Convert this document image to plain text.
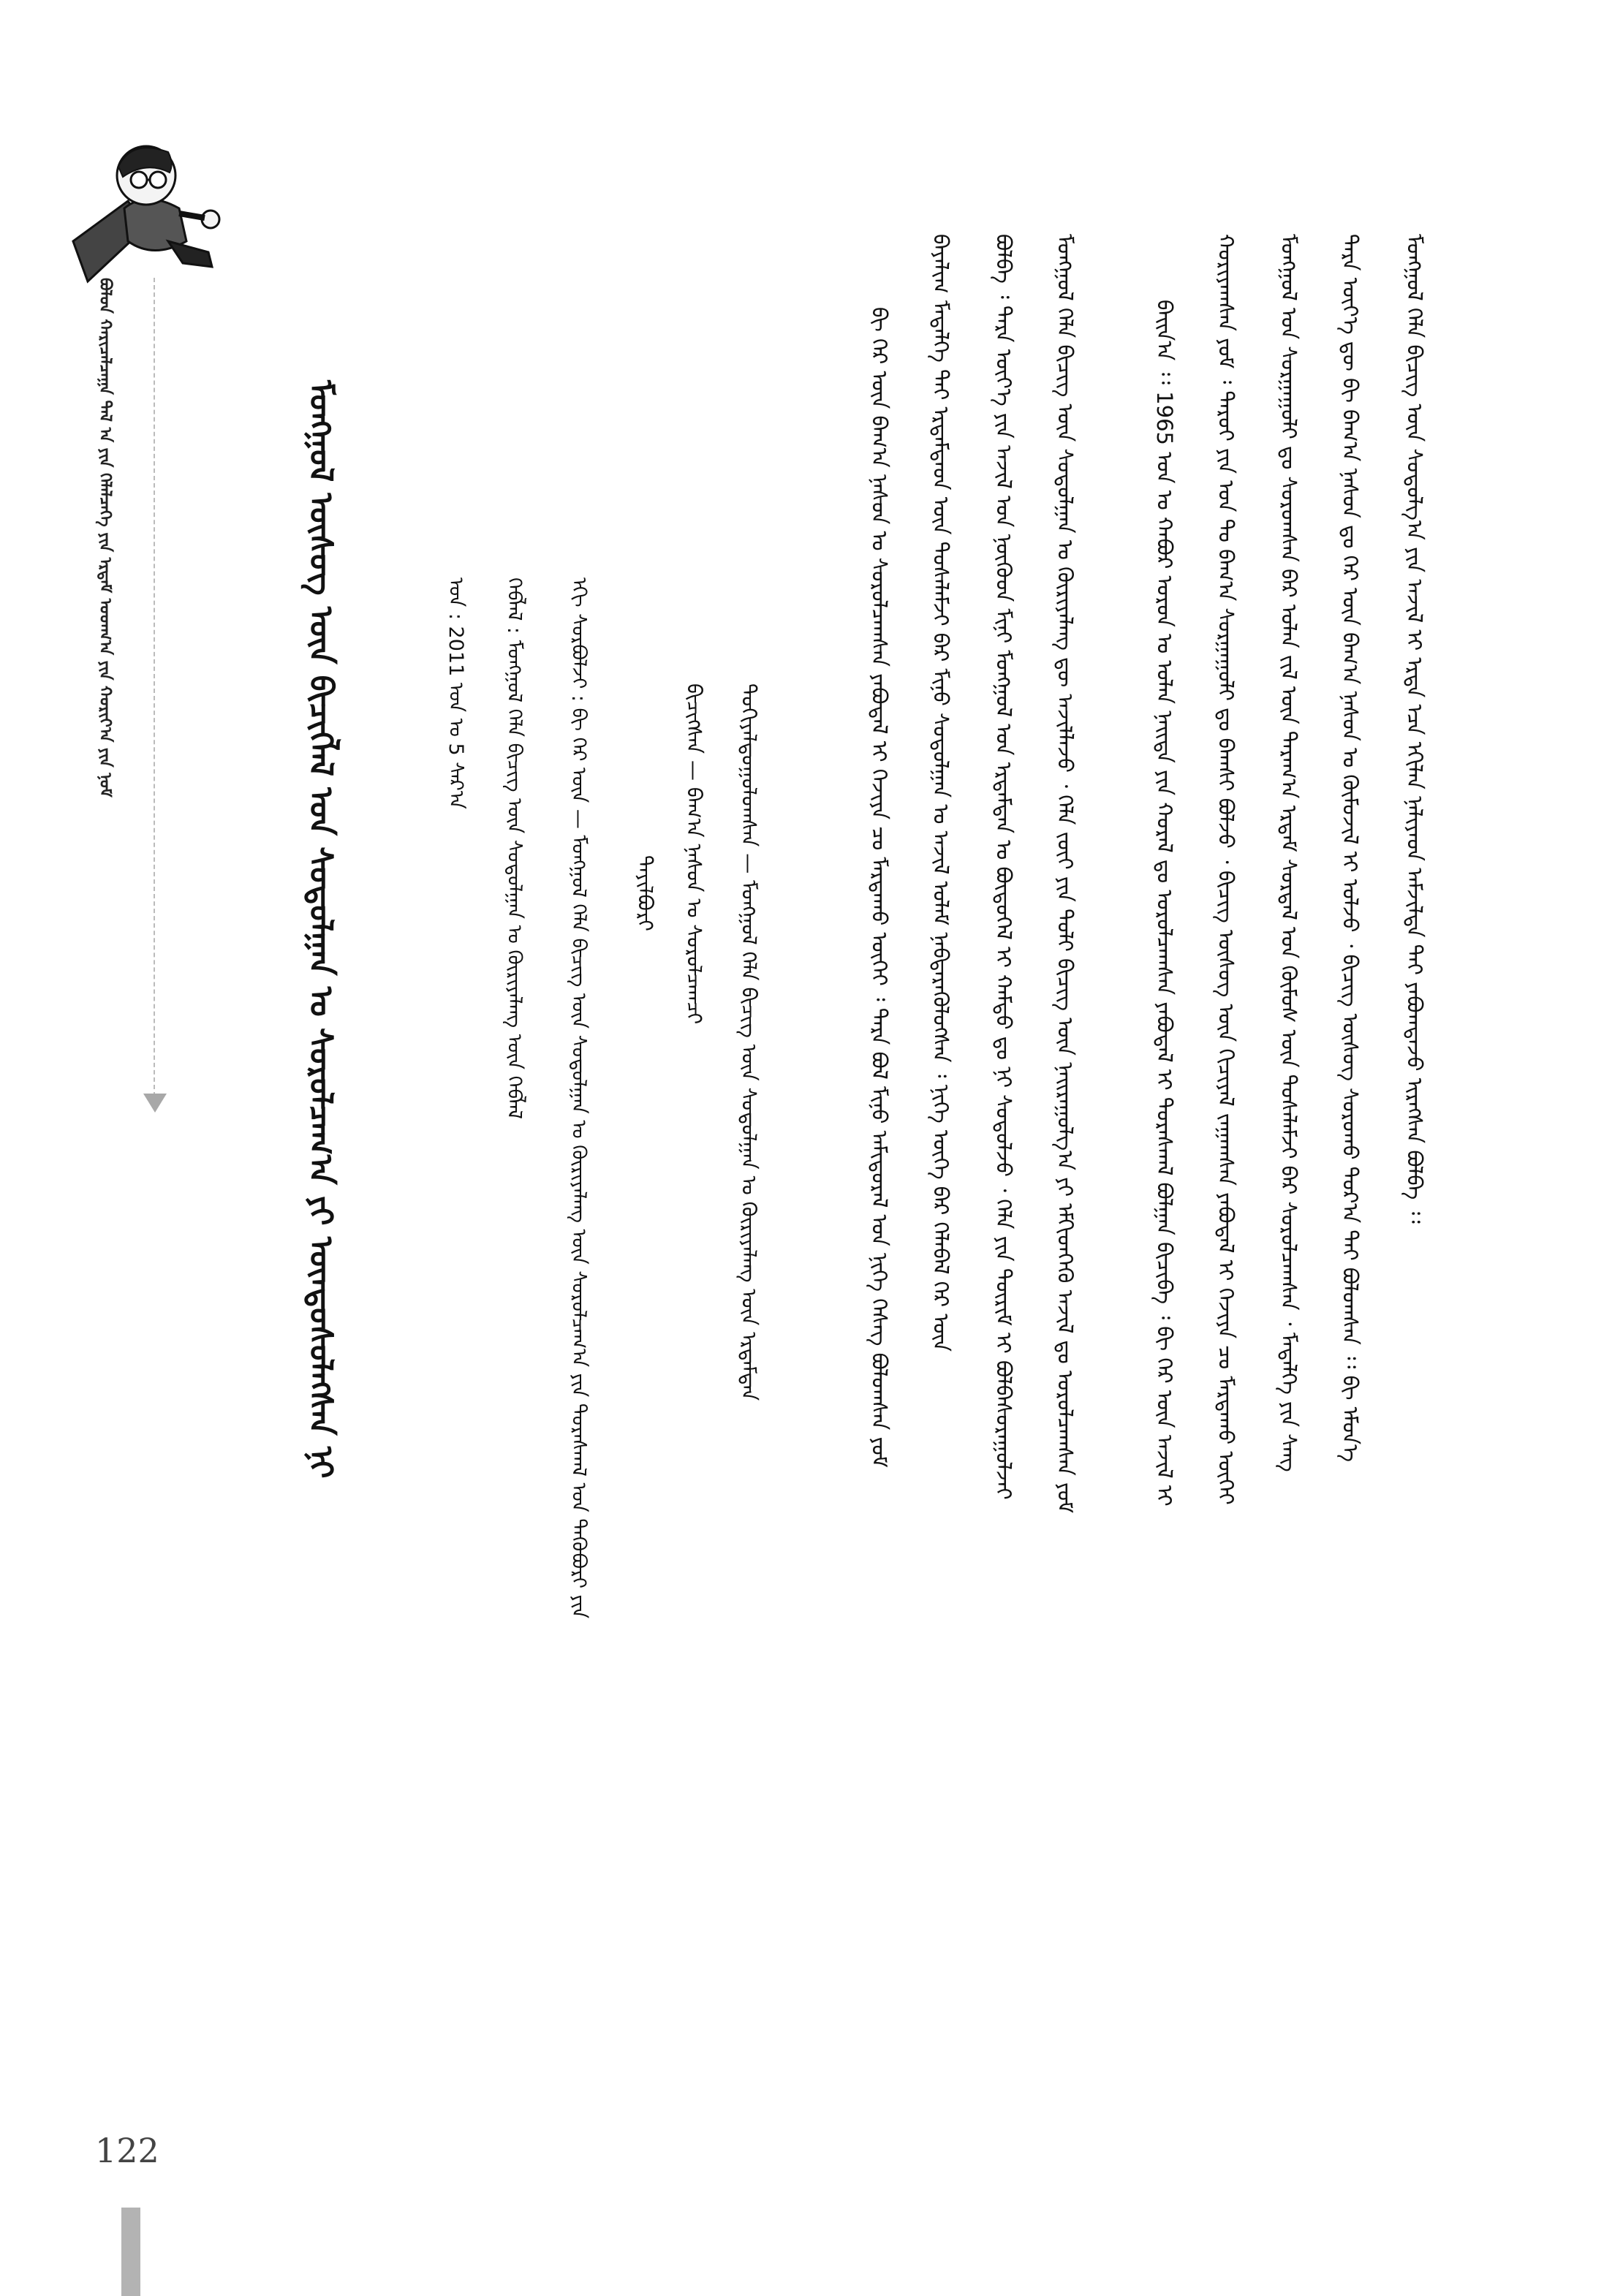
ᠪᠣᠯᠤᠨ ᠬᠠᠷᠢᠴᠠᠯᠴᠠᠭᠠ ᠲᠠᠯ ᠠ ᠶᠢᠨ ᠬᠡᠯᠡᠯᠴᠡᠭᠡ ᠶᠢᠨ ᠡᠷᠳᠡᠮ ᠤᠳᠬ᠎ᠠ ᠶᠢᠨ ᠬᠣᠷᠢᠶ᠎ᠠ ᠶᠢᠨ ᠨᠣᠮ
122
ᠮᠣᠩᠭᠣᠯ ᠦᠰᠦᠭ ᠦᠨ ᠪᠢᠴᠢᠭᠯᠡᠯ ᠤᠨ ᠰᠤᠳᠤᠯᠭᠠᠨ ᠤ ᠰᠤᠷᠤᠯᠴᠠᠭ᠎ᠠ ᠶᠢ ᠦᠨᠳᠦᠰᠦᠯᠡᠭᠰᠡᠨ ᠨᠢ	ᠲᠣᠬᠢᠶᠠᠯᠳᠤᠭᠤᠯᠤᠭᠰᠠᠨ — ᠮᠣᠩᠭᠣᠯ ᠬᠡᠯᠡ ᠪᠢᠴᠢᠭ ᠦᠨ ᠰᠤᠳᠤᠯᠭᠠᠨ ᠤ ᠬᠦᠷᠢᠶᠡᠯᠡᠩ ᠦᠨ ᠡᠷᠳᠡᠮᠲᠡᠨ
ᠪᠢᠴᠢᠭᠰᠡᠨ — ᠪᠠᠭ᠎ᠠ ᠨᠠᠰᠤᠨ ᠤ ᠰᠤᠷᠤᠯᠴᠠᠭᠴᠢ
ᠲᠠᠶᠢᠯᠪᠤᠷᠢ
ᠡᠬᠢ ᠰᠤᠷᠪᠤᠯᠵᠢ : ᠪᠢ ᠭᠡᠷ ᠦᠨ — ᠮᠣᠩᠭᠣᠯ ᠬᠡᠯᠡ ᠪᠢᠴᠢᠭ ᠦᠨ ᠰᠤᠳᠤᠯᠭᠠᠨ ᠤ ᠬᠦᠷᠢᠶᠡᠯᠡᠩ ᠦᠨ ᠰᠤᠷᠤᠯᠴᠠᠭ᠎ᠠ ᠶᠢᠨ ᠳᠤᠷᠠᠰᠬᠠᠯ ᠤᠨ ᠲᠡᠭᠦᠪᠦᠷᠢ ᠶᠢᠨ
ᠬᠡᠪᠯᠡᠯ : ᠮᠣᠩᠭᠣᠯ ᠬᠡᠯᠡ ᠪᠢᠴᠢᠭ ᠦᠨ ᠰᠤᠳᠤᠯᠭᠠᠨ ᠤ ᠬᠦᠷᠢᠶᠡᠯᠡᠩ ᠦᠨ ᠬᠡᠪᠯᠡᠯ
ᠣᠨ : 2011 ᠣᠨ ᠤ 5 ᠰᠠᠷ᠎ᠠ	ᠮᠣᠩᠭᠣᠯ ᠬᠡᠯᠡ ᠪᠢᠴᠢᠭ ᠦᠨ ᠰᠤᠳᠤᠯᠭ᠎ᠠ ᠶᠢᠨ ᠠᠵᠢᠯ ᠢ ᠡᠷᠲᠡ ᠡᠴᠡ ᠡᠬᠢᠯᠡᠨ ᠨᠡᠯᠢᠶᠡᠳ ᠠᠮᠵᠢᠯᠲᠠ ᠲᠠᠢ ᠶᠠᠪᠤᠭᠳᠠᠵᠤ ᠢᠷᠡᠭᠰᠡᠨ ᠪᠣᠯᠪᠠ ᠄᠄
ᠲᠡᠷᠡ ᠦᠶ᠎ᠡ ᠳᠦ ᠪᠢ ᠪᠠᠭ᠎ᠠ ᠨᠠᠰᠤᠨ ᠳᠤ ᠭᠡᠷ ᠦᠨ ᠪᠠᠭ᠎ᠠ ᠨᠠᠰᠤᠨ ᠤ ᠬᠦᠮᠦᠵᠢᠯ ᠢ ᠣᠯᠵᠤ ᠂ ᠪᠢᠴᠢᠭ ᠦᠰᠦᠭ ᠰᠤᠷᠤᠬᠤ ᠳᠤᠷ᠎ᠠ ᠲᠠᠢ ᠪᠣᠯᠤᠭᠰᠠᠨ ᠄᠄ ᠪᠢ ᠡᠮᠦᠨ᠎ᠡ
ᠮᠣᠩᠭᠣᠯ ᠤᠨ ᠰᠤᠷᠭᠠᠭᠤᠯᠢ ᠳᠤ ᠰᠤᠷᠤᠭᠰᠠᠨ ᠪᠡᠷ ᠣᠯᠠᠨ ᠵᠢᠯ ᠦᠨ ᠳᠠᠷᠠᠭ᠎ᠠ ᠡᠷᠳᠡᠮ ᠰᠤᠷᠲᠠᠯ ᠤᠨ ᠬᠦᠮᠦᠰ ᠦᠨ ᠲᠤᠰᠠᠯᠠᠮᠵᠢ ᠪᠠᠷ ᠰᠤᠷᠤᠯᠴᠠᠭᠰᠠᠨ ᠂ ᠮᠡᠳᠡᠯᠭᠡ ᠶᠢᠨ ᠰᠠᠩ
ᠬᠤᠷᠢᠶᠠᠭᠰᠠᠨ ᠶᠤᠮ ᠄ ᠳᠠᠷᠤᠢ ᠶᠢᠨ ᠣᠨ ᠲᠤ ᠪᠠᠭ᠎ᠠ ᠰᠤᠷᠭᠠᠭᠤᠯᠢ ᠳᠤ ᠪᠠᠭᠰᠢ ᠪᠣᠯᠵᠤ ᠂ ᠪᠢᠴᠢᠭ ᠦᠰᠦᠭ ᠦᠨ ᠬᠢᠴᠢᠶᠡᠯ ᠵᠠᠭᠠᠭᠰᠠᠨ ᠶᠠᠪᠤᠳᠠᠯ ᠢ ᠬᠡᠵᠢᠶᠡ ᠴᠤ ᠮᠠᠷᠳᠠᠬᠤ ᠦᠭᠡᠢ
ᠪᠠᠢᠨ᠎ᠠ ᠄᠄ 1965 ᠣᠨ ᠤ ᠬᠠᠪᠤᠷ ᠣᠷᠣᠨ ᠤ ᠣᠯᠠᠨ ᠨᠡᠢᠲᠡ ᠶᠢᠨ ᠬᠤᠷᠠᠯ ᠳᠤ ᠣᠷᠣᠯᠴᠠᠭᠰᠠᠨ ᠶᠠᠪᠤᠳᠠᠯ ᠢ ᠳᠤᠷᠠᠰᠬᠠᠯ ᠪᠣᠯᠭᠠᠨ ᠪᠢᠴᠢᠪᠡ ᠄ ᠪᠢ ᠭᠡᠷ ᠦᠨ ᠠᠵᠢᠯ ᠢ
ᠮᠣᠩᠭᠣᠯ ᠬᠡᠯᠡ ᠪᠢᠴᠢᠭ ᠦᠨ ᠰᠤᠳᠤᠯᠭᠠᠨ ᠤ ᠬᠦᠷᠢᠶᠡᠯᠡᠩ ᠳᠦ ᠠᠵᠢᠯᠯᠠᠵᠤ ᠂ ᠬᠡᠯᠡ ᠵᠦᠢ ᠶᠢᠨ ᠲᠣᠯᠢ ᠪᠢᠴᠢᠭ ᠦᠨ ᠨᠠᠢᠷᠠᠭᠤᠯᠭ᠎ᠠ ᠶᠢ ᠡᠮᠬᠢᠳᠬᠡᠬᠦ ᠠᠵᠢᠯ ᠳᠤ ᠣᠷᠣᠯᠴᠠᠭᠰᠠᠨ ᠶᠤᠮ
ᠪᠣᠯᠪᠠ ᠄ ᠲᠡᠷᠡ ᠦᠶ᠎ᠡ ᠶᠢᠨ ᠠᠵᠢᠯ ᠤᠨ ᠨᠥᠬᠦᠳ ᠮᠢᠨᠢ ᠮᠣᠩᠭᠣᠯ ᠤᠨ ᠡᠷᠳᠡᠮᠲᠡᠨ ᠤ ᠪᠦᠲᠦᠭᠡᠯ ᠢ ᠬᠠᠮᠲᠤ ᠳᠤ ᠨᠢ ᠰᠤᠳᠤᠯᠵᠤ ᠂ ᠬᠡᠯᠡ ᠶᠢᠨ ᠳᠦᠷᠢᠮ ᠢ ᠪᠣᠯᠪᠠᠰᠤᠷᠠᠭᠤᠯᠵᠠᠢ
ᠪᠠᠶᠠᠯᠢᠭ ᠮᠡᠳᠡᠯᠭᠡ ᠲᠠᠢ ᠡᠷᠳᠡᠮᠲᠡᠳ ᠦᠨ ᠲᠤᠰᠠᠯᠠᠮᠵᠢ ᠪᠠᠷ ᠮᠢᠨᠦ ᠰᠤᠳᠤᠯᠭᠠᠨ ᠤ ᠠᠵᠢᠯ ᠤᠯᠠᠮ ᠨᠡᠪᠲᠡᠷᠡᠭᠦᠯᠦᠭᠰᠡᠨ ᠄ ᠨᠢᠭᠡ ᠦᠭᠡ ᠪᠡᠷ ᠬᠡᠯᠡᠪᠡᠯ ᠭᠡᠷ ᠦᠨ
ᠪᠢ ᠭᠡᠷ ᠦᠨ ᠪᠠᠭ᠎ᠠ ᠨᠠᠰᠤᠨ ᠤ ᠰᠤᠷᠤᠯᠴᠠᠭᠰᠠᠨ ᠶᠠᠪᠤᠳᠠᠯ ᠢ ᠬᠡᠵᠢᠶᠡ ᠴᠤ ᠮᠠᠷᠳᠠᠬᠤ ᠦᠭᠡᠢ ᠄ ᠲᠡᠷᠡ ᠪᠣᠯ ᠮᠢᠨᠦ ᠠᠮᠢᠳᠤᠷᠠᠯ ᠤᠨ ᠨᠢᠭᠡ ᠬᠡᠰᠡᠭ ᠪᠣᠯᠤᠭᠰᠠᠨ ᠶᠤᠮ
